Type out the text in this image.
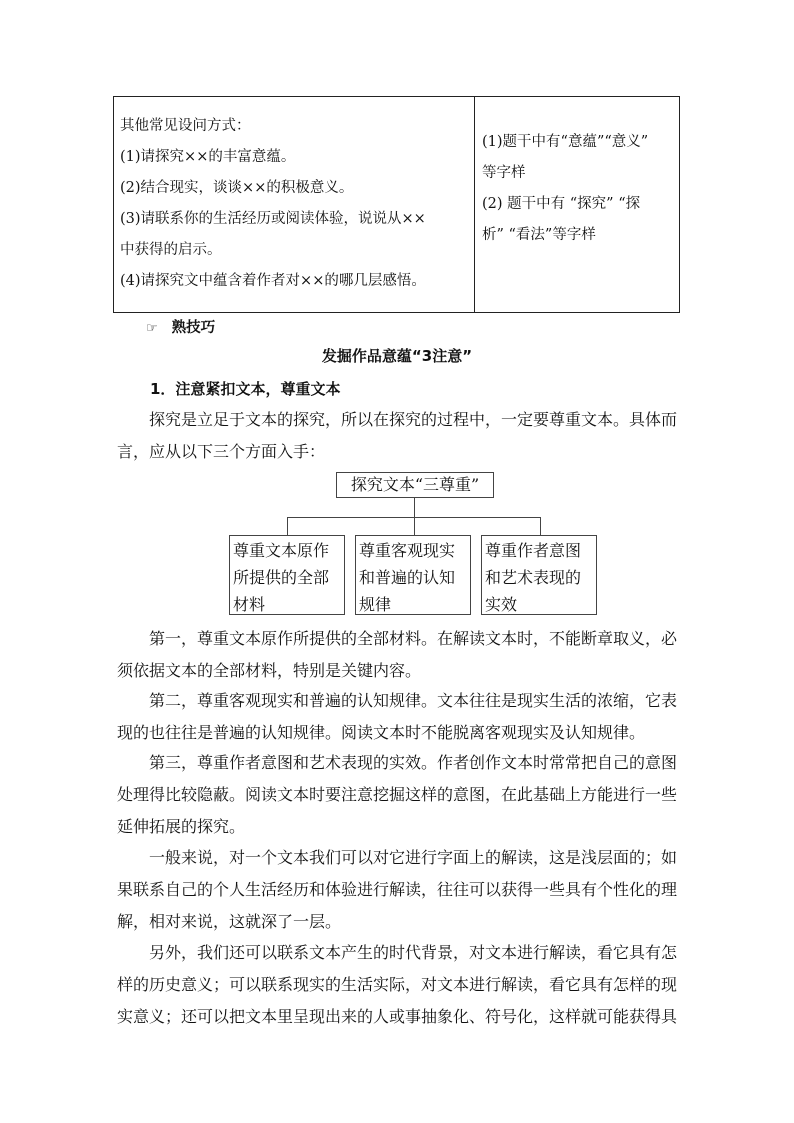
其他常见设问方式：
(1)请探究××的丰富意蕴。
(2)结合现实，谈谈××的积极意义。
(3)请联系你的生活经历或阅读体验，说说从××
中获得的启示。
(4)请探究文中蕴含着作者对××的哪几层感悟。
(1)题干中有“意蕴”“意义”
等字样
(2) 题干中有 “探究” “探
析” “看法”等字样
☞ 熟技巧
发掘作品意蕴“3注意”
1．注意紧扣文本，尊重文本
探究是立足于文本的探究，所以在探究的过程中，一定要尊重文本。具体而
言，应从以下三个方面入手：
探究文本“三尊重”
尊重文本原作
所提供的全部
材料
尊重客观现实
和普遍的认知
规律
尊重作者意图
和艺术表现的
实效
第一，尊重文本原作所提供的全部材料。在解读文本时，不能断章取义，必
须依据文本的全部材料，特别是关键内容。
第二，尊重客观现实和普遍的认知规律。文本往往是现实生活的浓缩，它表
现的也往往是普遍的认知规律。阅读文本时不能脱离客观现实及认知规律。
第三，尊重作者意图和艺术表现的实效。作者创作文本时常常把自己的意图
处理得比较隐蔽。阅读文本时要注意挖掘这样的意图，在此基础上方能进行一些
延伸拓展的探究。
一般来说，对一个文本我们可以对它进行字面上的解读，这是浅层面的；如
果联系自己的个人生活经历和体验进行解读，往往可以获得一些具有个性化的理
解，相对来说，这就深了一层。
另外，我们还可以联系文本产生的时代背景，对文本进行解读，看它具有怎
样的历史意义；可以联系现实的生活实际，对文本进行解读，看它具有怎样的现
实意义；还可以把文本里呈现出来的人或事抽象化、符号化，这样就可能获得具
